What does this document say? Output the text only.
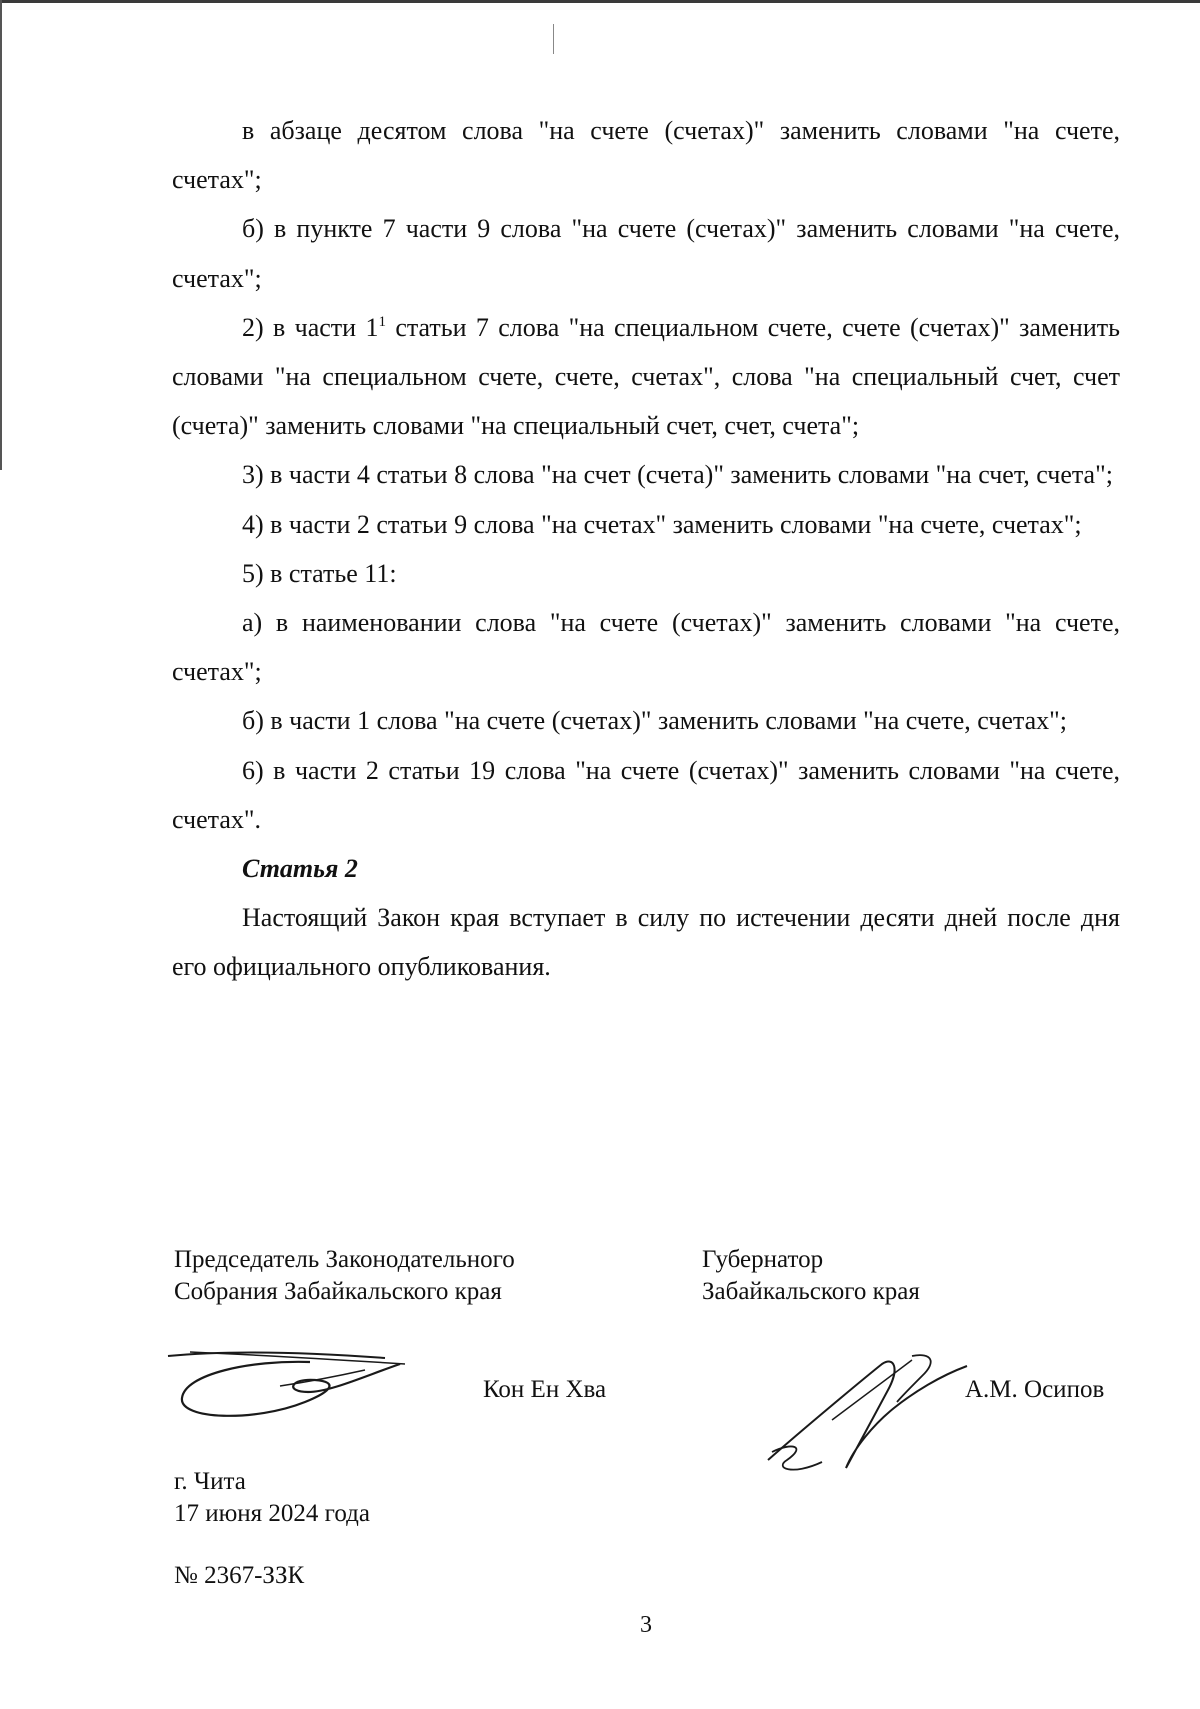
в абзаце десятом слова "на счете (счетах)" заменить словами "на счете, счетах";

б) в пункте 7 части 9 слова "на счете (счетах)" заменить словами "на счете, счетах";

2) в части $1^1$ статьи 7 слова "на специальном счете, счете (счетах)" заменить словами "на специальном счете, счете, счетах", слова "на специальный счет, счет (счета)" заменить словами "на специальный счет, счет, счета";

3) в части 4 статьи 8 слова "на счет (счета)" заменить словами "на счет, счета";

4) в части 2 статьи 9 слова "на счетах" заменить словами "на счете, счетах";

5) в статье 11:

а) в наименовании слова "на счете (счетах)" заменить словами "на счете, счетах";

б) в части 1 слова "на счете (счетах)" заменить словами "на счете, счетах";

6) в части 2 статьи 19 слова "на счете (счетах)" заменить словами "на счете, счетах".

Статья 2

Настоящий Закон края вступает в силу по истечении десяти дней после дня его официального опубликования.

Председатель Законодательного
Собрания Забайкальского края
Губернатор
Забайкальского края
Кон Ен Хва	А.М. Осипов
г. Чита
17 июня 2024 года
№ 2367-ЗЗК
3
